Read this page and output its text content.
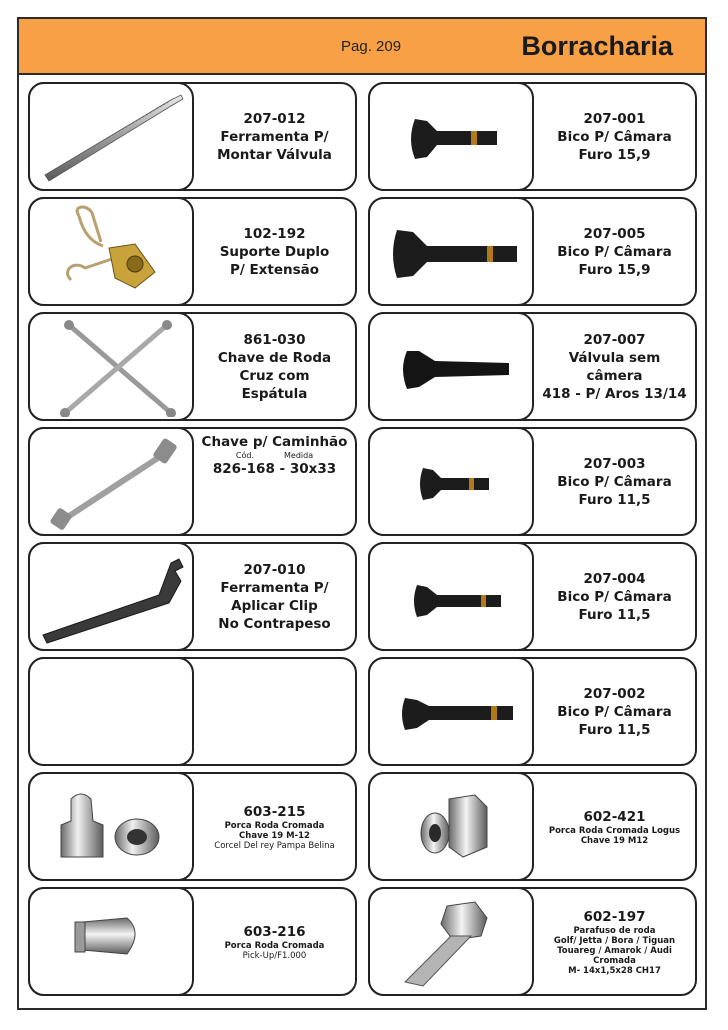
Pag. 209	Borracharia
207-012
Ferramenta P/
Montar Válvula
102-192
Suporte Duplo
P/ Extensão
861-030
Chave de Roda
Cruz com
Espátula
Chave p/ Caminhão
Cód.	Medida
826-168 - 30x33
207-010
Ferramenta P/
Aplicar Clip
No Contrapeso
603-215
Porca Roda Cromada
Chave 19 M-12
Corcel Del rey Pampa Belina
603-216
Porca Roda Cromada
Pick-Up/F1.000
207-001
Bico P/ Câmara
Furo 15,9
207-005
Bico P/ Câmara
Furo 15,9
207-007
Válvula sem câmera
418 - P/ Aros 13/14
207-003
Bico P/ Câmara
Furo 11,5
207-004
Bico P/ Câmara
Furo 11,5
207-002
Bico P/ Câmara
Furo 11,5
602-421
Porca Roda Cromada Logus
Chave 19 M12
602-197
Parafuso de roda
Golf/ Jetta / Bora / Tiguan Touareg / Amarok / Audi
Cromada
M- 14x1,5x28 CH17
